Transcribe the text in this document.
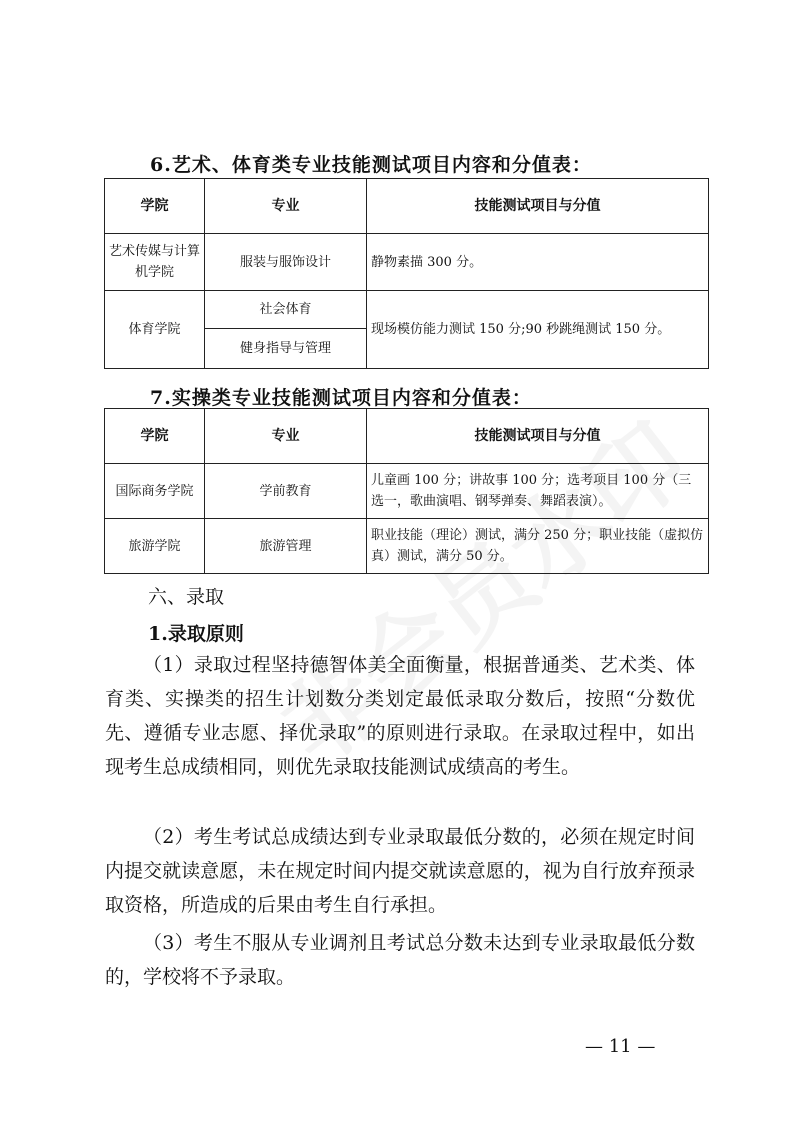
6.艺术、体育类专业技能测试项目内容和分值表：
学院	专业	技能测试项目与分值
艺术传媒与计算机学院	服装与服饰设计	静物素描 300 分。
体育学院	社会体育	现场模仿能力测试 150 分;90 秒跳绳测试 150 分。
	健身指导与管理	
7.实操类专业技能测试项目内容和分值表：
学院	专业	技能测试项目与分值
国际商务学院	学前教育	儿童画 100 分；讲故事 100 分；选考项目 100 分（三选一，歌曲演唱、钢琴弹奏、舞蹈表演）。
旅游学院	旅游管理	职业技能（理论）测试，满分 250 分；职业技能（虚拟仿真）测试，满分 50 分。
六、录取
1.录取原则

（1）录取过程坚持德智体美全面衡量，根据普通类、艺术类、体育类、实操类的招生计划数分类划定最低录取分数后，按照“分数优先、遵循专业志愿、择优录取”的原则进行录取。在录取过程中，如出现考生总成绩相同，则优先录取技能测试成绩高的考生。

（2）考生考试总成绩达到专业录取最低分数的，必须在规定时间内提交就读意愿，未在规定时间内提交就读意愿的，视为自行放弃预录取资格，所造成的后果由考生自行承担。

（3）考生不服从专业调剂且考试总分数未达到专业录取最低分数的，学校将不予录取。

— 11 —
